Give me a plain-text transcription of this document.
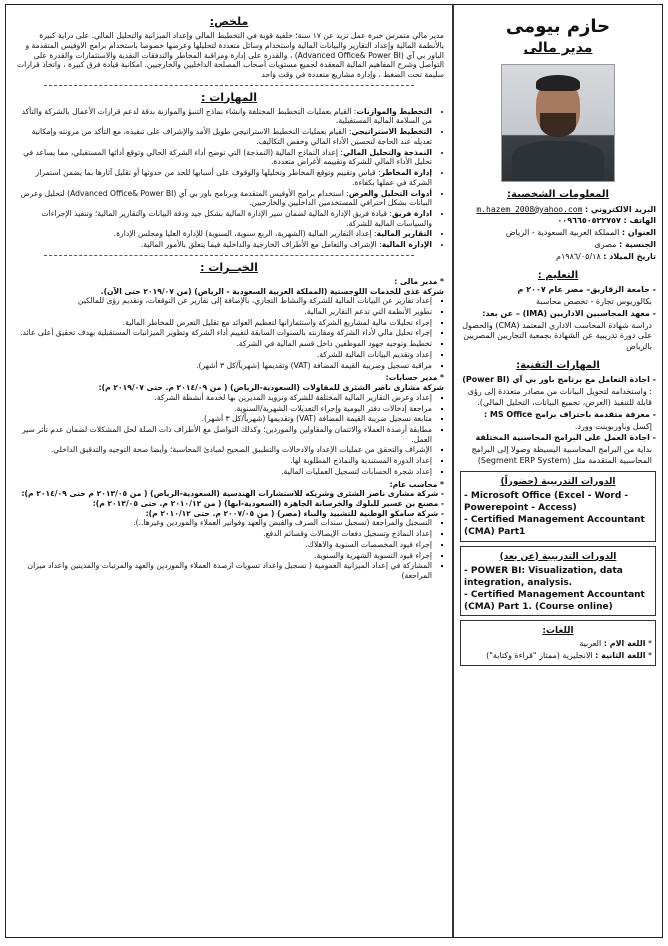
حازم بيومى
مدير مالى
المعلومات الشخصية:
البريد الالكتروني : m.hazem_2008@yahoo.com
الهاتف : ٠٠٩٦٦٥٠٥٢٢٧٥٧
العنوان : المملكة العربية السعودية - الرياض
الجنسية : مصرى
تاريخ الميلاد : ١٩٨٦/٠٥/١٨م
التعليم :
- جامعة الزقازيق– مصر عام ٢٠٠٧ م
بكالوريوس تجارة - تخصص محاسبة
- معهد المحاسبين الاداريين (IMA) – عن بعد:
دراسة شهادة المحاسب الاداري المعتمد (CMA) والحصول على دورة تدريبية عن الشهادة بجمعية التجاريين المصريين بالرياض
المهارات التقنية:
- اجادة التعامل مع برنامج باور بي آي (Power BI)
: واستخدامه لتحويل البيانات من مصادر متعددة إلى رؤى قابلة للتنفيذ (العرض، تجميع البيانات، التحليل المالي).
- معرفة متقدمة باحتراف برامج MS Office :
إكسل وباوربوينت وورد.
- اجادة العمل على البرامج المحاسبية المختلفة
بداية من البرامج المحاسبية البسيطة وصولا إلى البرامج المحاسبية المتقدمة مثل (Segment ERP System)
الدورات التدريبية (حضوراً)
- Microsoft Office (Excel - Word - Powerepoint - Access)
- Certified Management Accountant (CMA) Part1
الدورات التدريبية (عن بعد)
- POWER BI: Visualization, data integration, analysis.
- Certified Management Accountant (CMA) Part 1. (Course online)
اللغات:
* اللغة الام : العربية
* اللغة الثانية : الانجليزية (ممتاز "قراءة وكتابة")
ملخص:
مدير مالي متمرس خبرة عمل تزيد عن ١٧ سنة؛ خلفية قوية في التخطيط المالي وإعداد الميزانية والتحليل المالي. على دراية كبيرة بالأنظمة المالية وإعداد التقارير والبيانات المالية واستخدام وسائل متعددة لتحليلها وعرضها خصوصا باستخدام برامج الاوفيس المتقدمة و الباور بي آي (Advanced Office& Power BI) ، والقدرة على إدارة ومراقبة المخاطر والتدفقات النقدية والاستثمارات والقدرة على التواصل وشرح المفاهيم المالية المعقدة لجميع مستويات أصحاب المصلحة الداخليين والخارجيين. امكانية قيادة فرق كبيرة ، واتخاذ قرارات سليمة تحت الضغط ، وإدارة مشاريع متعددة في وقت واحد
المهارات :
• التخطيط والموازنات: القيام بعمليات التخطيط المختلفة وانشاء نماذج التنبؤ والموازنة بدقة لدعم قرارات الأعمال بالشركة والتأكد من السلامة المالية المستقبلية.
• التخطيط الاستراتيجي: القيام بعمليات التخطيط الاستراتيجي طويل الأمد والإشراف على تنفيذه، مع التأكد من مرونته وإمكانية تعديله عند الحاجة لتحسين الأداء المالي وخفض التكاليف.
• النمذجة والتحليل المالي: إعداد النماذج المالية (النمذجة) التي توضح أداء الشركة الحالي وتوقع أدائها المستقبلي، مما يساعد في تحليل الأداء المالي للشركة وتقييمه لأغراض متعددة.
• إدارة المخاطر: قياس وتقييم وتوقع المخاطر وتحليلها والوقوف على أسبابها للحد من حدوثها أو تقليل آثارها بما يضمن استمرار الشركة في عملها بكفاءة.
• أدوات التحليل والعرض: استخدام برامج الأوفيس المتقدمة وبرنامج باور بي آي (Advanced Office& Power BI) لتحليل وعرض البيانات بشكل احترافي للمستخدمين الداخليين والخارجيين.
• ادارة فريق: قيادة فريق الإدارة المالية لضمان سير الإدارة المالية بشكل جيد ودقة البيانات والتقارير المالية؛ وتنفيذ الإجراءات والسياسات المالية للشركة.
• التقارير المالية: إعداد التقارير المالية (الشهرية، الربع سنوية، السنوية) للإدارة العليا ومجلس الإدارة.
• الإدارة المالية: الإشراف والتعامل مع الأطراف الخارجية والداخلية فيما يتعلق بالأمور المالية.
الخبــرات :
* مدير مالى :
شركة غذى للخدمات اللوجستية (المملكة العربية السعودية - الرياض) (من ٢٠١٩/٠٧ حتى الآن).
▪ إعداد تقارير عن البيانات المالية للشركة والنشاط التجاري، بالإضافة إلى تقارير عن التوقعات، وتقديم رؤى للمالكين
▪ تطوير الأنظمة التي تدعم التقارير المالية.
▪ إجراء تحليلات مالية لمشاريع الشركة واستثماراتها لتعظيم العوائد مع تقليل التعرض للمخاطر المالية.
▪ إجراء تحليل مالي لأداء الشركة ومقارنته بالسنوات السابقة لتقييم أداء الشركة وتطوير الميزانيات المستقبلية بهدف تحقيق أعلى عائد.
▪ تخطيط وتوجيه جهود الموظفين داخل قسم المالية في الشركة.
▪ إعداد وتقديم البيانات المالية للشركة.
▪ مراقبة تسجيل وضريبة القيمة المضافة (VAT) وتقديمها (شهرياً/كل ٣ أشهر).
* مدير حسابات:
شركة مشارى ناصر الشثرى للمقاولات (السعودية-الرياض) ( من ٢٠١٤/٠٩ م. حتى ٢٠١٩/٠٧ م):
▪ إعداد وعرض التقارير المالية المختلفة للشركة وتزويد المديرين بها لخدمة أنشطة الشركة.
▪ مراجعة إدخالات دفتر اليومية وإجراء التعديلات الشهرية/السنوية.
▪ متابعة تسجيل ضريبة القيمة المضافة (VAT) وتقديمها (شهرياً/كل ٣ أشهر).
▪ مطابقة أرصدة العملاء والائتمان والمقاولين والموردين؛ وكذلك التواصل مع الأطراف ذات الصلة لحل المشكلات لضمان عدم تأثر سير العمل.
▪ الإشراف والتحقق من عمليات الإعداد والادخالات والتطبيق الصحيح لمبادئ المحاسبة؛ وأيضا صحة التوجيه والتدقيق الداخلي.
▪ إعداد الدورة المستندية والنماذج المطلوبة لها.
▪ إعداد شجرة الحسابات لتسجيل العمليات المالية.
* محاسب عام:
- شركة مشارى ناصر الشثرى وشريكه للاستشارات الهندسية (السعودية-الرياض) ( من ٢٠١٣/٠٥ م حتى ٢٠١٤/٠٩ م):
- مصنع بن عسير للبلوك والخرسانة الجاهزة (السعودية-ابها) ( من ٢٠١٠/١٢ م. حتى ٢٠١٣/٠٥ م):
- شركة سامكو الوطنية للتشييد والبناء (مصر) ( من ٢٠٠٧/٠٥ م. حتى ٢٠١٠/١٢ م):
▪ التسجيل والمراجعة (تسجيل سندات الصرف والقبض والعهد وفواتير العملاء والموردين وغيرها..).
▪ إعداد النماذج وتسجيل دفعات الإيصالات وقسائم الدفع.
▪ إجراء قيود المخصصات السنوية والاهلاك.
▪ إجراء قيود التسوية الشهرية والسنوية.
▪ المشاركة في إعداد الميزانية العمومية ( تسجيل واعداد تسويات ارصدة العملاء والموردين والعهد والمرتبات والمدينين واعداد ميزان المراجعة)
